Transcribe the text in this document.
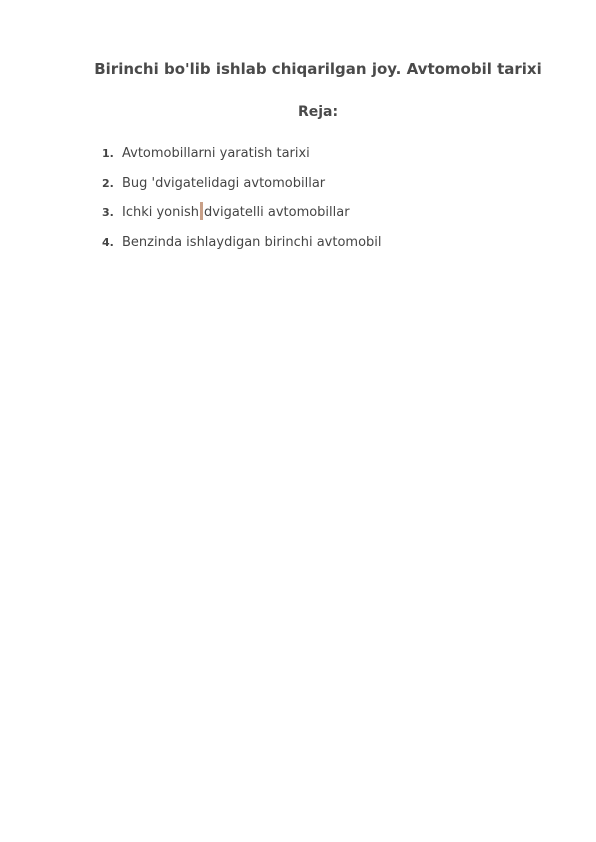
Birinchi bo'lib ishlab chiqarilgan joy. Avtomobil tarixi
Reja:
1. Avtomobillarni yaratish tarixi
2. Bug 'dvigatelidagi avtomobillar
3. Ichki yonish dvigatelli avtomobillar
4. Benzinda ishlaydigan birinchi avtomobil
